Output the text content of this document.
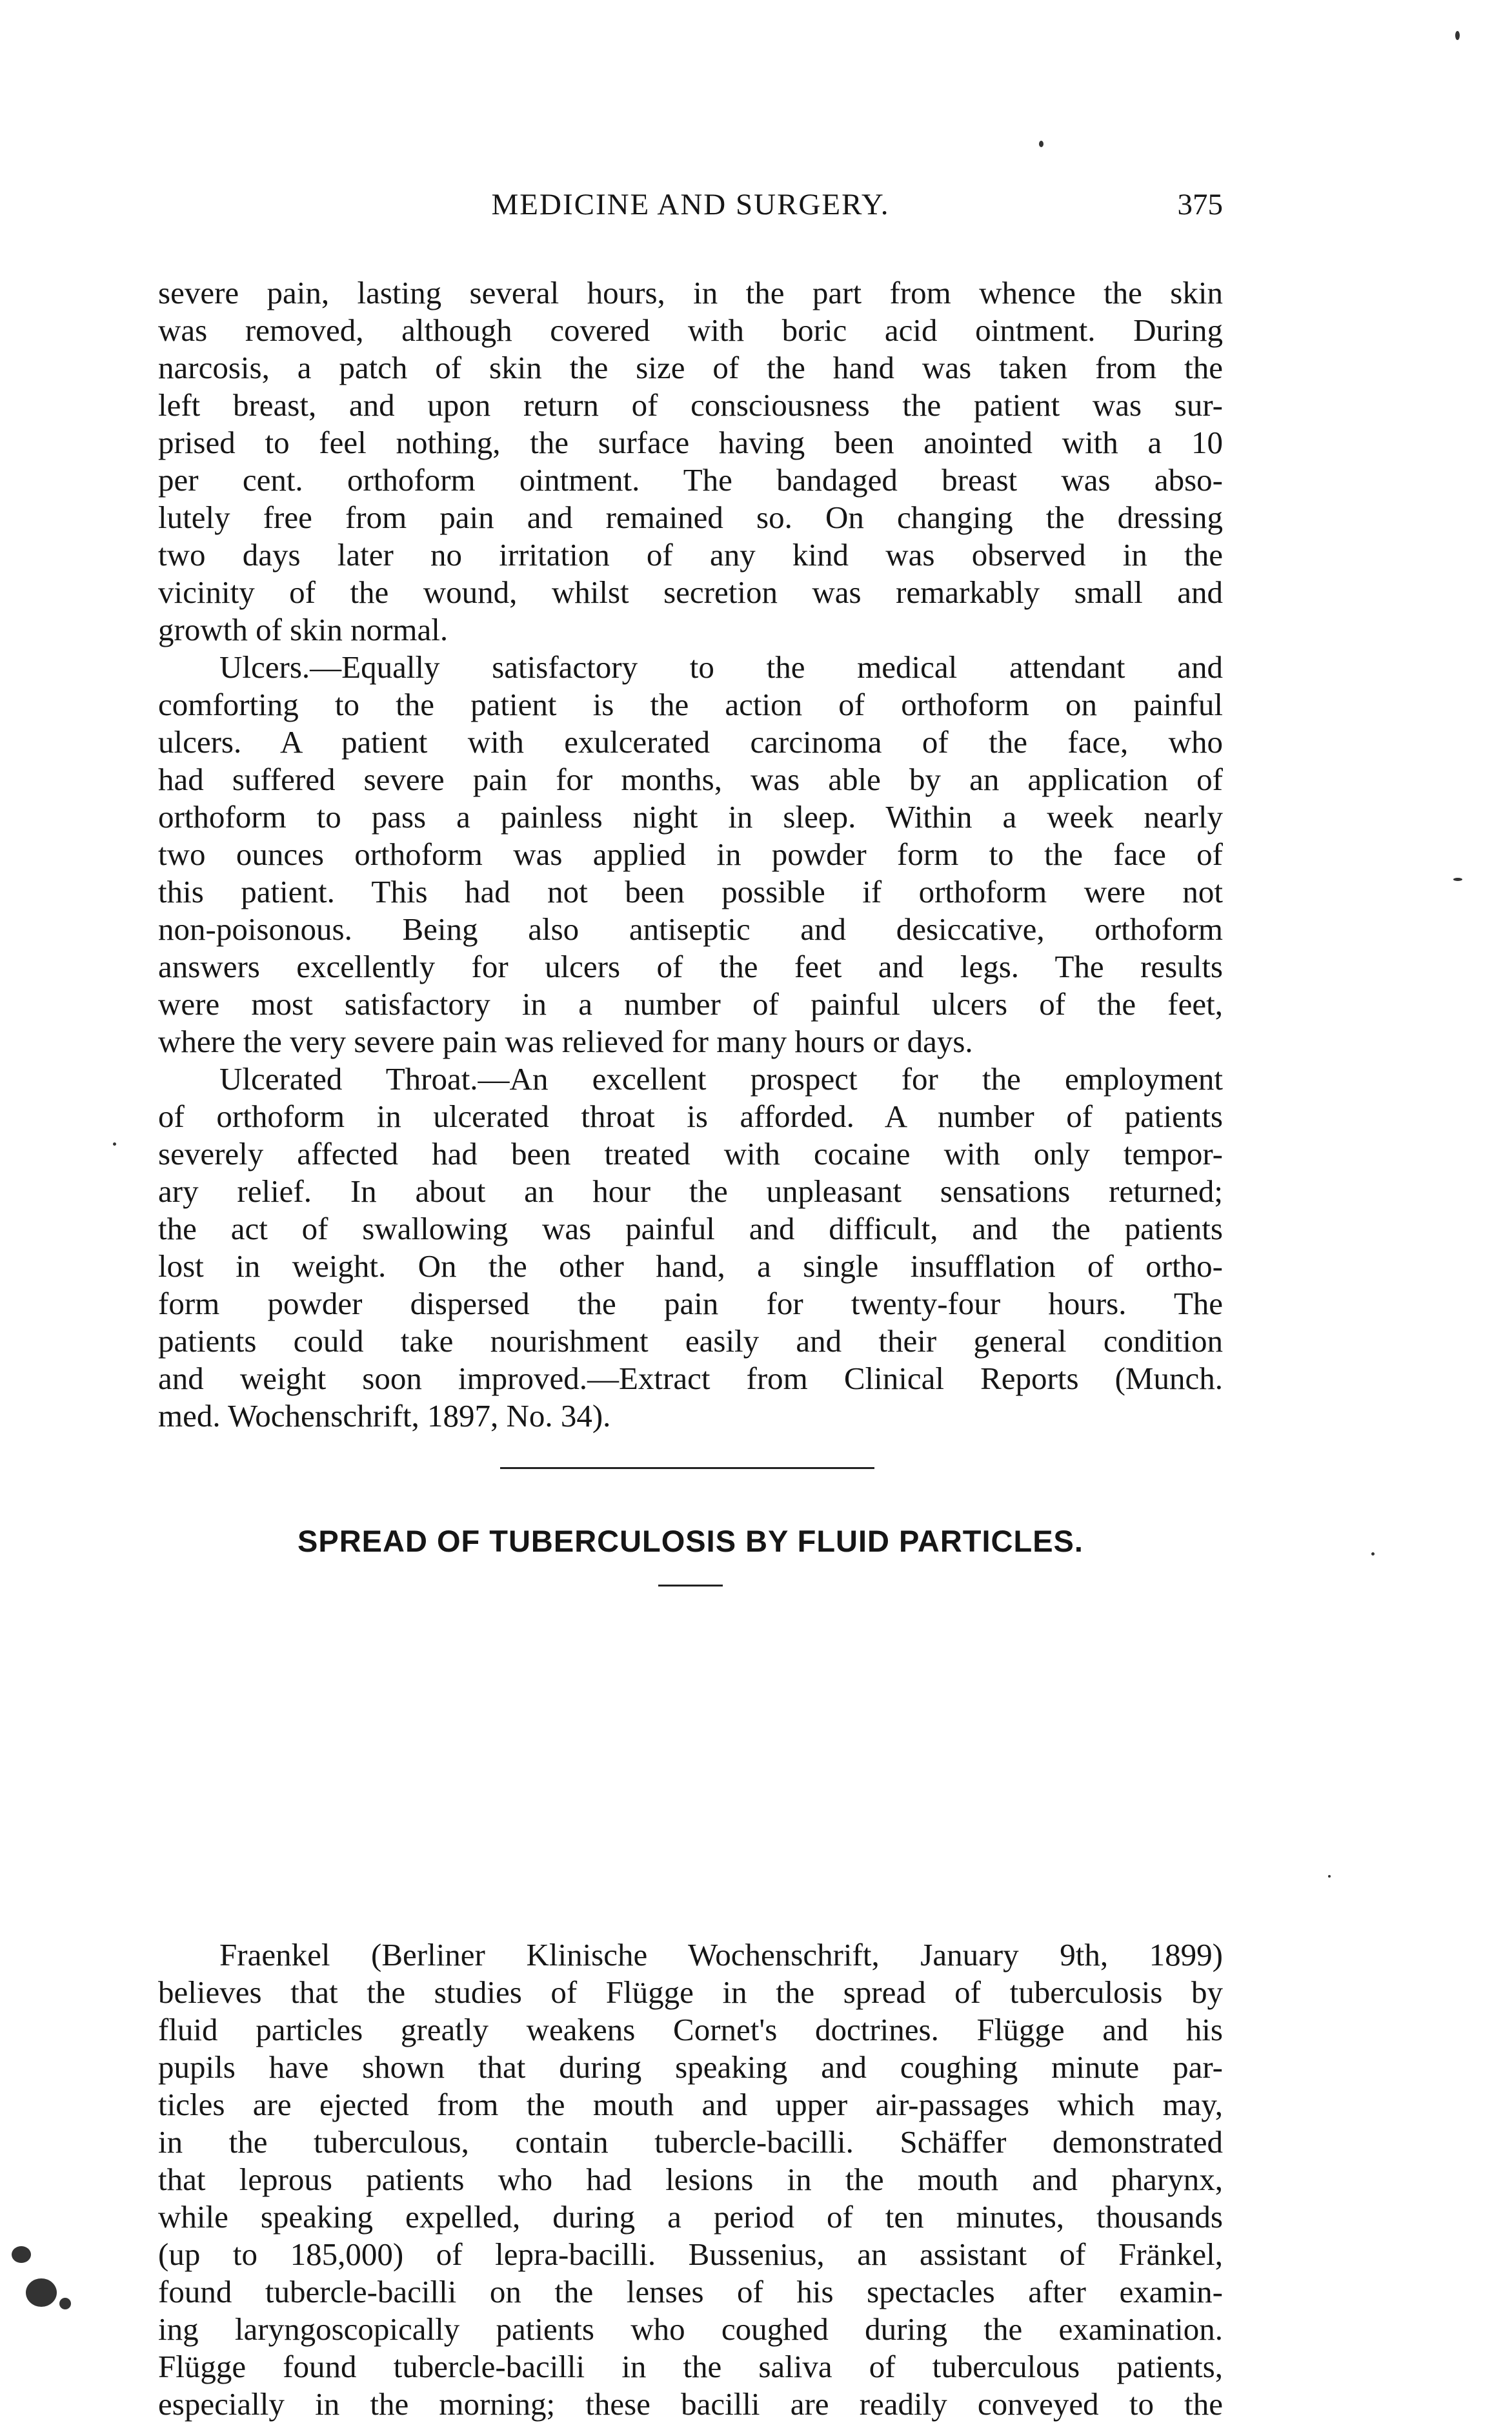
MEDICINE AND SURGERY.	375
severe pain, lasting several hours, in the part from whence the skin
was removed, although covered with boric acid ointment. During
narcosis, a patch of skin the size of the hand was taken from the
left breast, and upon return of consciousness the patient was sur-
prised to feel nothing, the surface having been anointed with a 10
per cent. orthoform ointment. The bandaged breast was abso-
lutely free from pain and remained so. On changing the dressing
two days later no irritation of any kind was observed in the
vicinity of the wound, whilst secretion was remarkably small and
growth of skin normal.
Ulcers.—Equally satisfactory to the medical attendant and
comforting to the patient is the action of orthoform on painful
ulcers. A patient with exulcerated carcinoma of the face, who
had suffered severe pain for months, was able by an application of
orthoform to pass a painless night in sleep. Within a week nearly
two ounces orthoform was applied in powder form to the face of
this patient. This had not been possible if orthoform were not
non-poisonous. Being also antiseptic and desiccative, orthoform
answers excellently for ulcers of the feet and legs. The results
were most satisfactory in a number of painful ulcers of the feet,
where the very severe pain was relieved for many hours or days.
Ulcerated Throat.—An excellent prospect for the employment
of orthoform in ulcerated throat is afforded. A number of patients
severely affected had been treated with cocaine with only tempor-
ary relief. In about an hour the unpleasant sensations returned;
the act of swallowing was painful and difficult, and the patients
lost in weight. On the other hand, a single insufflation of ortho-
form powder dispersed the pain for twenty-four hours. The
patients could take nourishment easily and their general condition
and weight soon improved.—Extract from Clinical Reports (Munch.
med. Wochenschrift, 1897, No. 34).
SPREAD OF TUBERCULOSIS BY FLUID PARTICLES.
Fraenkel (Berliner Klinische Wochenschrift, January 9th, 1899)
believes that the studies of Flügge in the spread of tuberculosis by
fluid particles greatly weakens Cornet's doctrines. Flügge and his
pupils have shown that during speaking and coughing minute par-
ticles are ejected from the mouth and upper air-passages which may,
in the tuberculous, contain tubercle-bacilli. Schäffer demonstrated
that leprous patients who had lesions in the mouth and pharynx,
while speaking expelled, during a period of ten minutes, thousands
(up to 185,000) of lepra-bacilli. Bussenius, an assistant of Fränkel,
found tubercle-bacilli on the lenses of his spectacles after examin-
ing laryngoscopically patients who coughed during the examination.
Flügge found tubercle-bacilli in the saliva of tuberculous patients,
especially in the morning; these bacilli are readily conveyed to the
